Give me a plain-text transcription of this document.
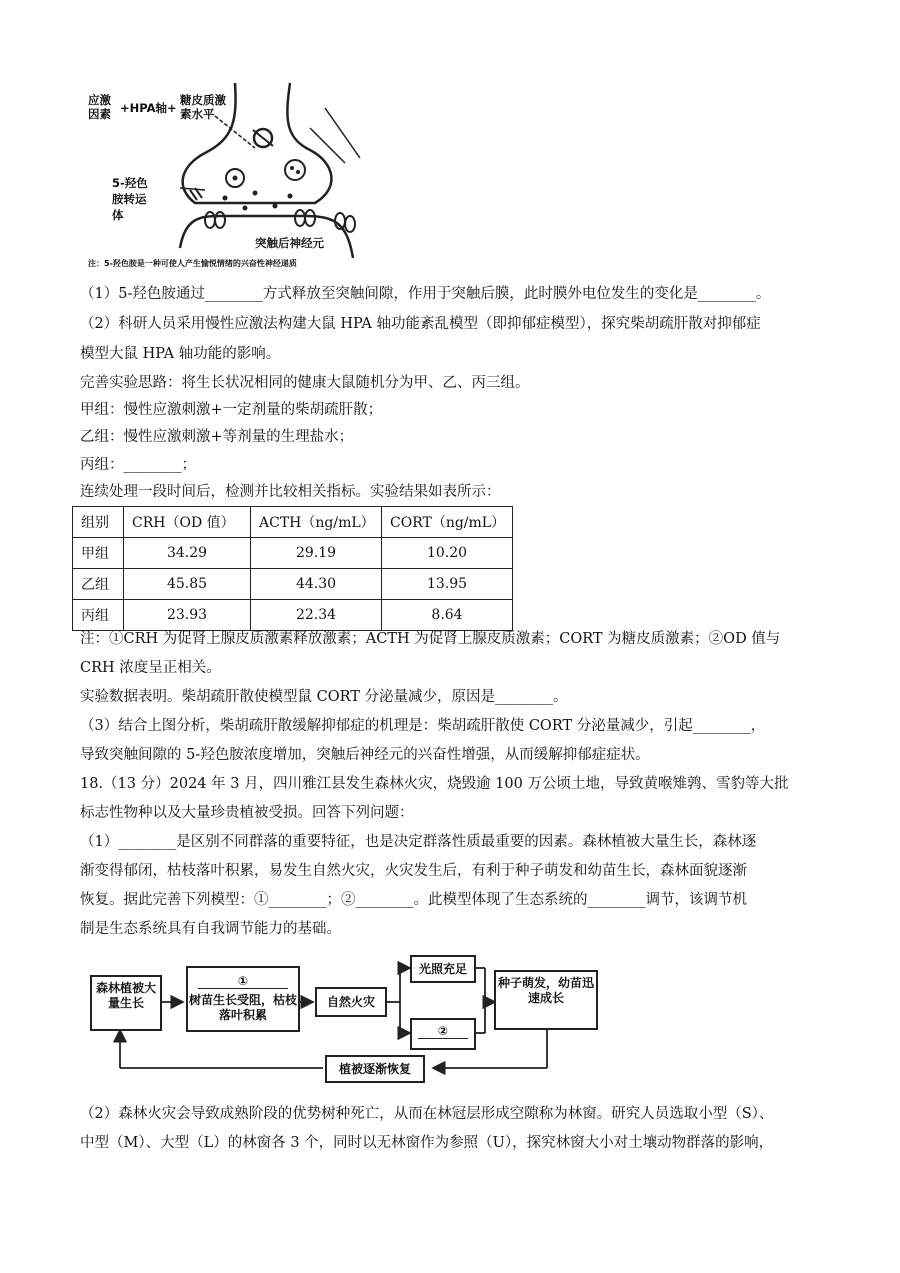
应激因素 +HPA轴+
糖皮质激素水平
5-羟色胺转运体
突触后神经元
注：5-羟色胺是一种可使人产生愉悦情绪的兴奋性神经递质
（1）5-羟色胺通过________方式释放至突触间隙，作用于突触后膜，此时膜外电位发生的变化是________。
（2）科研人员采用慢性应激法构建大鼠 HPA 轴功能紊乱模型（即抑郁症模型），探究柴胡疏肝散对抑郁症
模型大鼠 HPA 轴功能的影响。
完善实验思路：将生长状况相同的健康大鼠随机分为甲、乙、丙三组。
甲组：慢性应激刺激+一定剂量的柴胡疏肝散；
乙组：慢性应激刺激+等剂量的生理盐水；
丙组：________；
连续处理一段时间后，检测并比较相关指标。实验结果如表所示：
组别	CRH（OD 值）	ACTH（ng/mL）	CORT（ng/mL）
甲组	34.29	29.19	10.20
乙组	45.85	44.30	13.95
丙组	23.93	22.34	8.64
注：①CRH 为促肾上腺皮质激素释放激素；ACTH 为促肾上腺皮质激素；CORT 为糖皮质激素；②OD 值与
CRH 浓度呈正相关。
实验数据表明。柴胡疏肝散使模型鼠 CORT 分泌量减少，原因是________。
（3）结合上图分析，柴胡疏肝散缓解抑郁症的机理是：柴胡疏肝散使 CORT 分泌量减少，引起________，
导致突触间隙的 5-羟色胺浓度增加，突触后神经元的兴奋性增强，从而缓解抑郁症症状。
18.（13 分）2024 年 3 月，四川雅江县发生森林火灾，烧毁逾 100 万公顷土地，导致黄喉雉鹑、雪豹等大批
标志性物种以及大量珍贵植被受损。回答下列问题：
（1）________是区别不同群落的重要特征，也是决定群落性质最重要的因素。森林植被大量生长，森林逐
渐变得郁闭，枯枝落叶积累，易发生自然火灾，火灾发生后，有利于种子萌发和幼苗生长，森林面貌逐渐
恢复。据此完善下列模型：①________；②________。此模型体现了生态系统的________调节，该调节机
制是生态系统具有自我调节能力的基础。
森林植被大量生长
①
树苗生长受阻，枯枝落叶积累
自然火灾
光照充足
②
种子萌发，幼苗迅速成长
植被逐渐恢复
（2）森林火灾会导致成熟阶段的优势树种死亡，从而在林冠层形成空隙称为林窗。研究人员选取小型（S）、
中型（M）、大型（L）的林窗各 3 个，同时以无林窗作为参照（U），探究林窗大小对土壤动物群落的影响，
